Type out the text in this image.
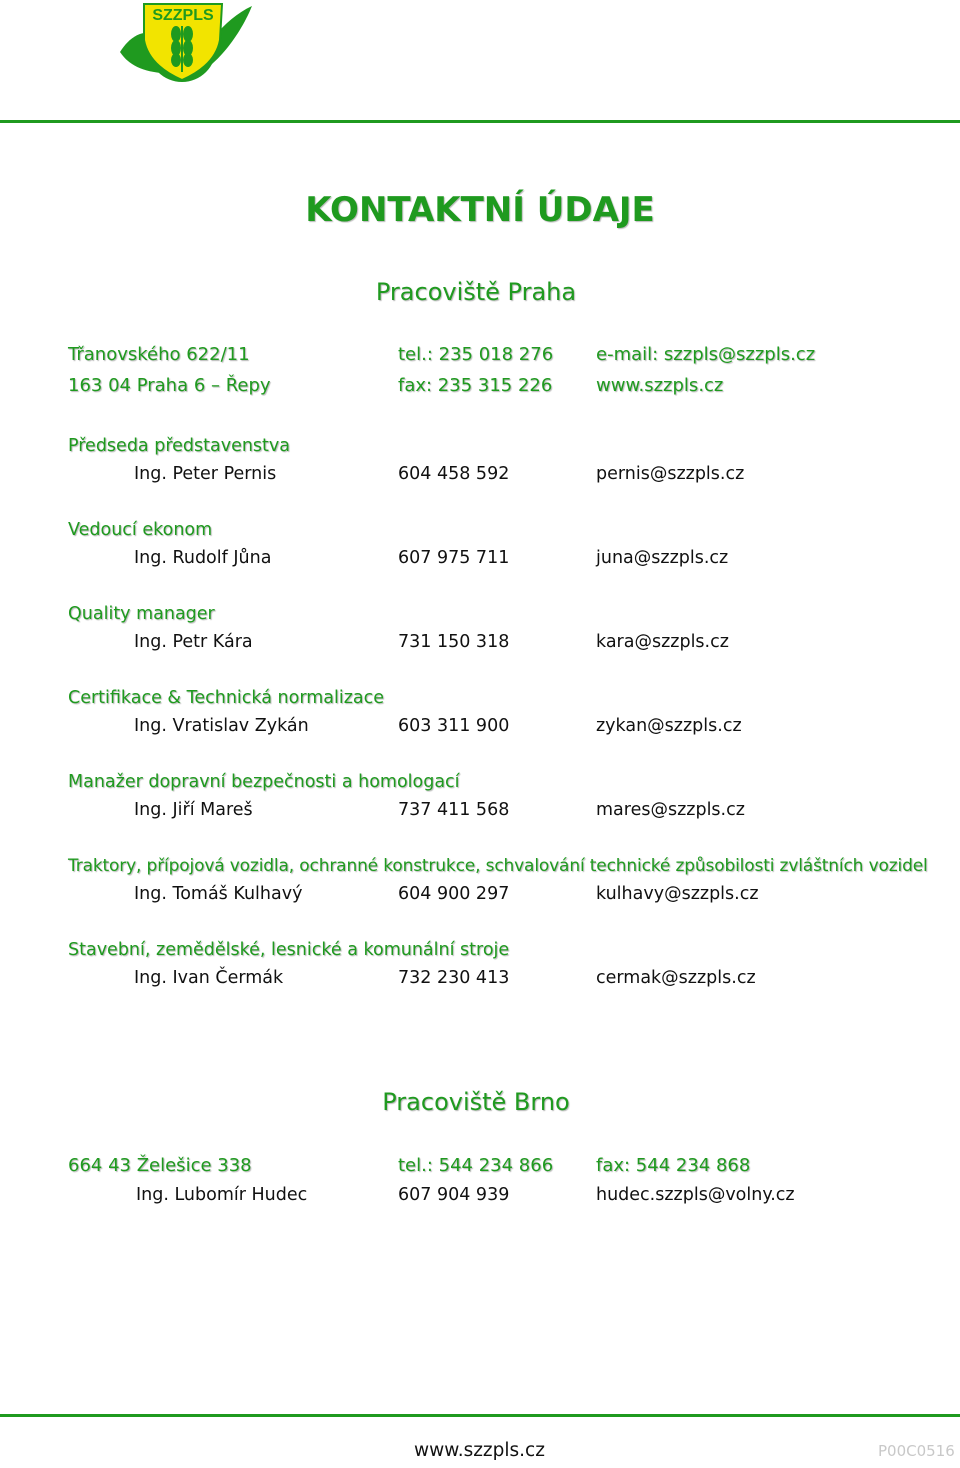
SZZPLS
KONTAKTNÍ ÚDAJE
Pracoviště Praha
Třanovského 622/11	tel.: 235 018 276 e-mail: szzpls@szzpls.cz
163 04 Praha 6 – Řepy	fax: 235 315 226 www.szzpls.cz
Předseda představenstva
Ing. Peter Pernis	604 458 592	pernis@szzpls.cz
Vedoucí ekonom
Ing. Rudolf Jůna	607 975 711	juna@szzpls.cz
Quality manager
Ing. Petr Kára	731 150 318	kara@szzpls.cz
Certifikace & Technická normalizace
Ing. Vratislav Zykán	603 311 900	zykan@szzpls.cz
Manažer dopravní bezpečnosti a homologací
Ing. Jiří Mareš	737 411 568	mares@szzpls.cz
Traktory, přípojová vozidla, ochranné konstrukce, schvalování technické způsobilosti zvláštních vozidel
Ing. Tomáš Kulhavý	604 900 297	kulhavy@szzpls.cz
Stavební, zemědělské, lesnické a komunální stroje
Ing. Ivan Čermák	732 230 413	cermak@szzpls.cz
Pracoviště Brno
664 43 Želešice 338	tel.: 544 234 866 fax: 544 234 868
Ing. Lubomír Hudec	607 904 939	hudec.szzpls@volny.cz
www.szzpls.cz	P00C0516
